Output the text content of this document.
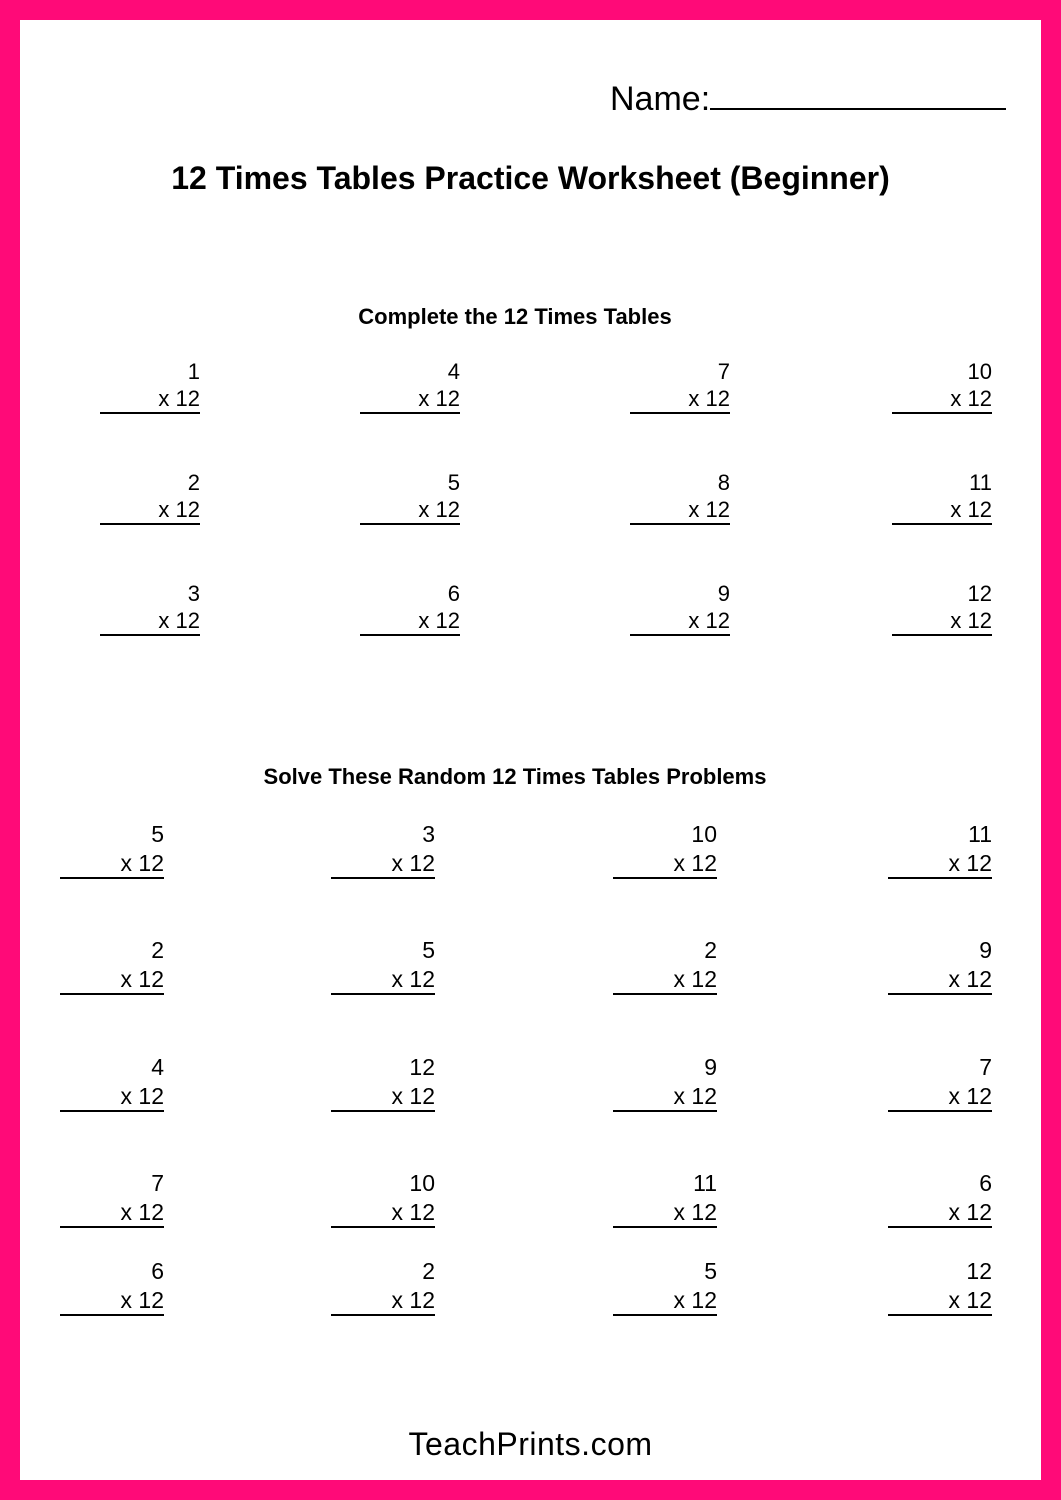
Name:
12 Times Tables Practice Worksheet (Beginner)
Complete the 12 Times Tables
1
x 12
4
x 12
7
x 12
10
x 12
2
x 12
5
x 12
8
x 12
11
x 12
3
x 12
6
x 12
9
x 12
12
x 12
Solve These Random 12 Times Tables Problems
5
x 12
3
x 12
10
x 12
11
x 12
2
x 12
5
x 12
2
x 12
9
x 12
4
x 12
12
x 12
9
x 12
7
x 12
7
x 12
10
x 12
11
x 12
6
x 12
6
x 12
2
x 12
5
x 12
12
x 12
TeachPrints.com
